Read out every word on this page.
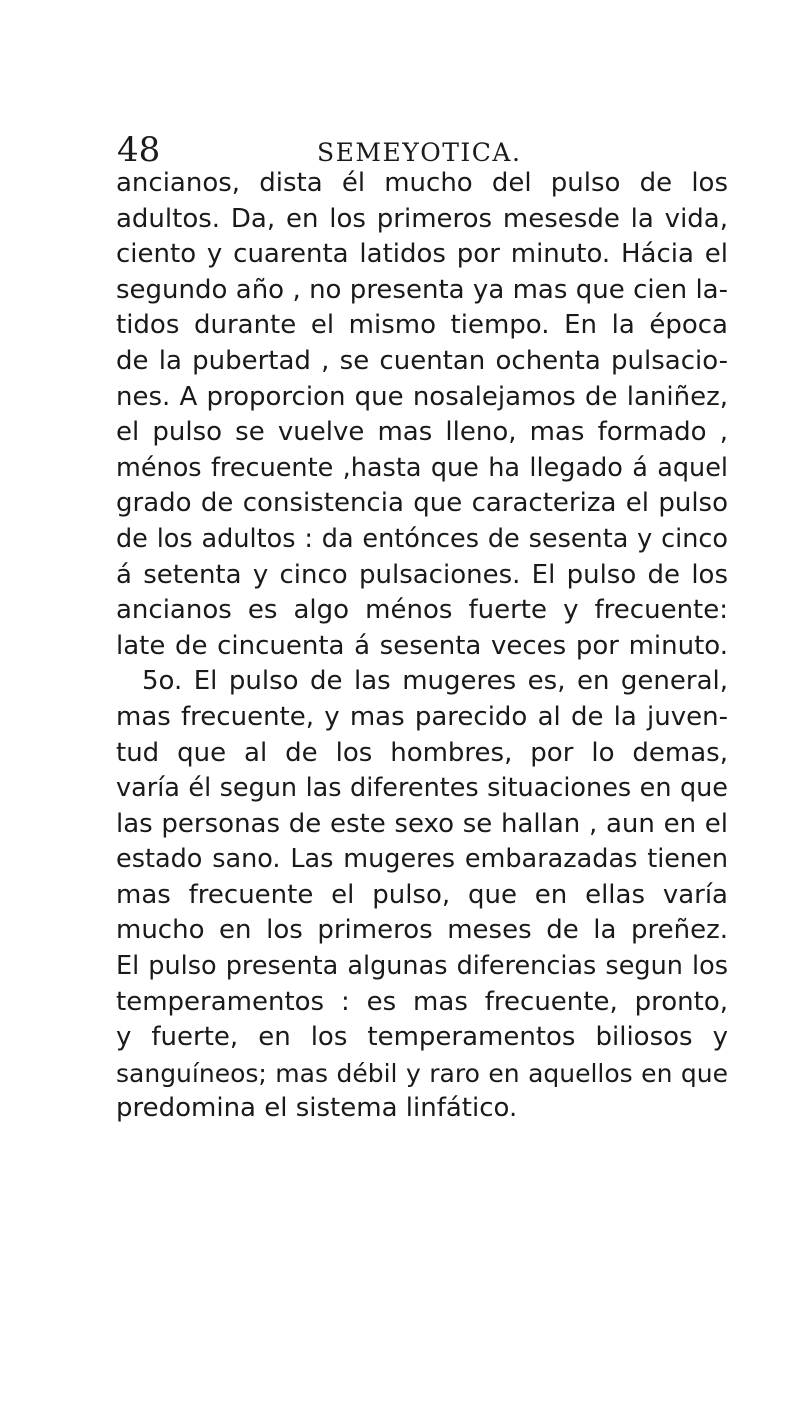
48	SEMEYOTICA.
ancianos, dista él mucho del pulso de los
adultos. Da, en los primeros mesesde la vida,
ciento y cuarenta latidos por minuto. Hácia el
segundo año , no presenta ya mas que cien la-
tidos durante el mismo tiempo. En la época
de la pubertad , se cuentan ochenta pulsacio-
nes. A proporcion que nosalejamos de laniñez,
el pulso se vuelve mas lleno, mas formado ,
ménos frecuente ,hasta que ha llegado á aquel
grado de consistencia que caracteriza el pulso
de los adultos : da entónces de sesenta y cinco
á setenta y cinco pulsaciones. El pulso de los
ancianos es algo ménos fuerte y frecuente:
late de cincuenta á sesenta veces por minuto.
5o. El pulso de las mugeres es, en general,
mas frecuente, y mas parecido al de la juven-
tud que al de los hombres, por lo demas,
varía él segun las diferentes situaciones en que
las personas de este sexo se hallan , aun en el
estado sano. Las mugeres embarazadas tienen
mas frecuente el pulso, que en ellas varía
mucho en los primeros meses de la preñez.
El pulso presenta algunas diferencias segun los
temperamentos : es mas frecuente, pronto,
y fuerte, en los temperamentos biliosos y
sanguíneos; mas débil y raro en aquellos en que
predomina el sistema linfático.
